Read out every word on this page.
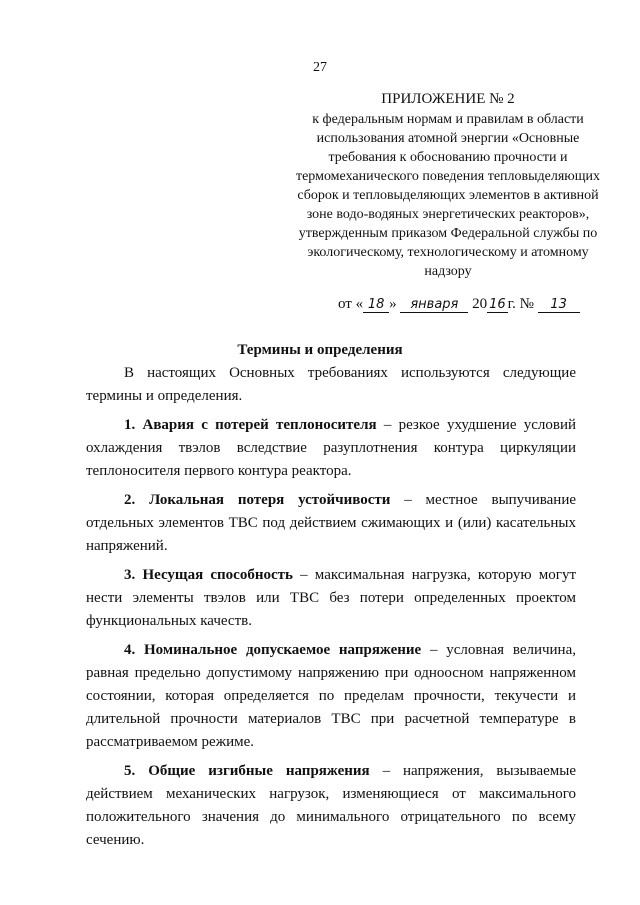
27
ПРИЛОЖЕНИЕ № 2
к федеральным нормам и правилам в области использования атомной энергии «Основные требования к обоснованию прочности и термомеханического поведения тепловыделяющих сборок и тепловыделяющих элементов в активной зоне водо-водяных энергетических реакторов», утвержденным приказом Федеральной службы по экологическому, технологическому и атомному надзору
от « 18 » января 20 16 г. № 13
Термины и определения

В настоящих Основных требованиях используются следующие термины и определения.

1. Авария с потерей теплоносителя – резкое ухудшение условий охлаждения твэлов вследствие разуплотнения контура циркуляции теплоносителя первого контура реактора.

2. Локальная потеря устойчивости – местное выпучивание отдельных элементов ТВС под действием сжимающих и (или) касательных напряжений.

3. Несущая способность – максимальная нагрузка, которую могут нести элементы твэлов или ТВС без потери определенных проектом функциональных качеств.

4. Номинальное допускаемое напряжение – условная величина, равная предельно допустимому напряжению при одноосном напряженном состоянии, которая определяется по пределам прочности, текучести и длительной прочности материалов ТВС при расчетной температуре в рассматриваемом режиме.

5. Общие изгибные напряжения – напряжения, вызываемые действием механических нагрузок, изменяющиеся от максимального положительного значения до минимального отрицательного по всему сечению.
